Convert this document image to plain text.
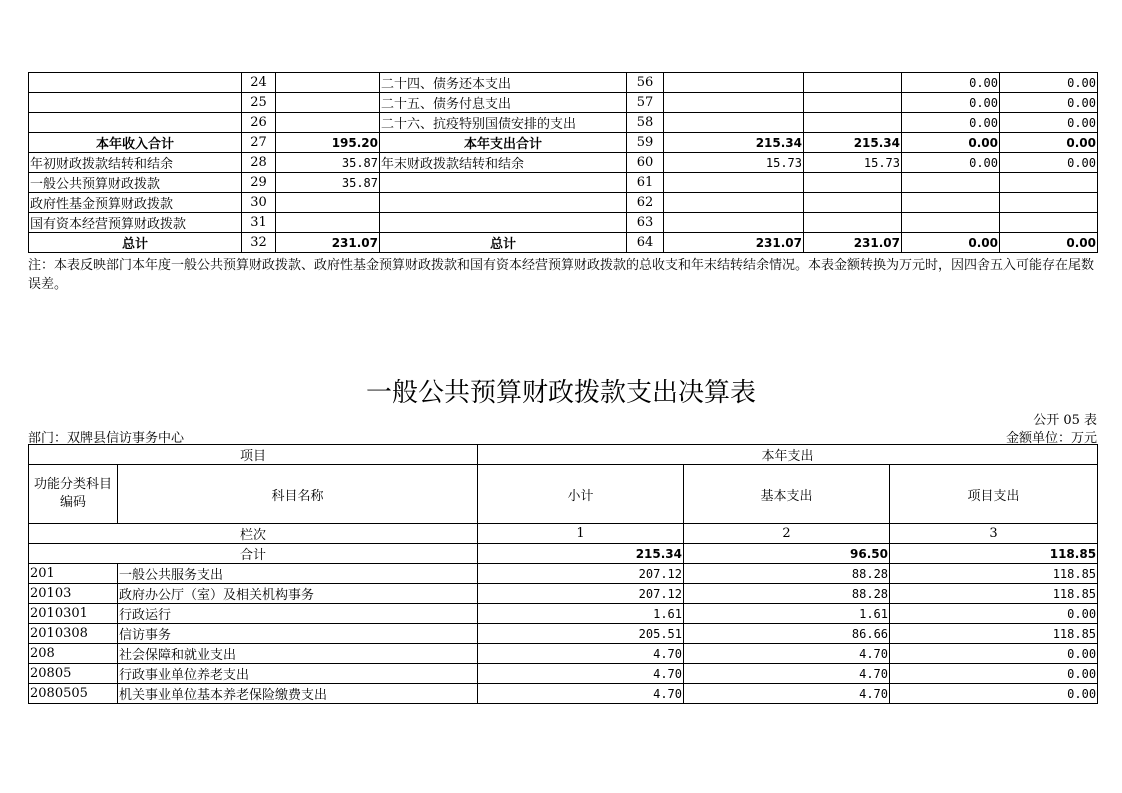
	24		二十四、债务还本支出	56			0.00	0.00
	25		二十五、债务付息支出	57			0.00	0.00
	26		二十六、抗疫特别国债安排的支出	58			0.00	0.00
本年收入合计	27	195.20	本年支出合计	59	215.34	215.34	0.00	0.00
年初财政拨款结转和结余	28	35.87	年末财政拨款结转和结余	60	15.73	15.73	0.00	0.00
一般公共预算财政拨款	29	35.87		61				
政府性基金预算财政拨款	30			62				
国有资本经营预算财政拨款	31			63				
总计	32	231.07	总计	64	231.07	231.07	0.00	0.00
注：本表反映部门本年度一般公共预算财政拨款、政府性基金预算财政拨款和国有资本经营预算财政拨款的总收支和年末结转结余情况。本表金额转换为万元时，因四舍五入可能存在尾数误差。
一般公共预算财政拨款支出决算表
公开 05 表
部门：双牌县信访事务中心	金额单位：万元
项目		本年支出		
功能分类科目编码	科目名称	小计	基本支出	项目支出
栏次		1	2	3
合计		215.34	96.50	118.85
201	一般公共服务支出	207.12	88.28	118.85
20103	政府办公厅（室）及相关机构事务	207.12	88.28	118.85
2010301	行政运行	1.61	1.61	0.00
2010308	信访事务	205.51	86.66	118.85
208	社会保障和就业支出	4.70	4.70	0.00
20805	行政事业单位养老支出	4.70	4.70	0.00
2080505	机关事业单位基本养老保险缴费支出	4.70	4.70	0.00
